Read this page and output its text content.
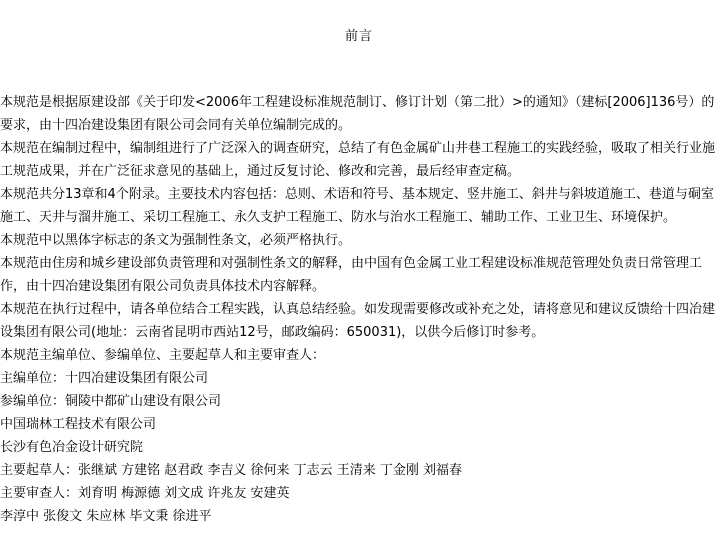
前言

本规范是根据原建设部《关于印发<2006年工程建设标准规范制订、修订计划（第二批）>的通知》（建标[2006]136号）的要求，由十四冶建设集团有限公司会同有关单位编制完成的。

本规范在编制过程中，编制组进行了广泛深入的调查研究，总结了有色金属矿山井巷工程施工的实践经验，吸取了相关行业施工规范成果，并在广泛征求意见的基础上，通过反复讨论、修改和完善，最后经审查定稿。

本规范共分13章和4个附录。主要技术内容包括：总则、术语和符号、基本规定、竖井施工、斜井与斜坡道施工、巷道与硐室施工、天井与溜井施工、采切工程施工、永久支护工程施工、防水与治水工程施工、辅助工作、工业卫生、环境保护。

本规范中以黑体字标志的条文为强制性条文，必须严格执行。

本规范由住房和城乡建设部负责管理和对强制性条文的解释，由中国有色金属工业工程建设标准规范管理处负责日常管理工作，由十四冶建设集团有限公司负责具体技术内容解释。

本规范在执行过程中，请各单位结合工程实践，认真总结经验。如发现需要修改或补充之处，请将意见和建议反馈给十四冶建设集团有限公司(地址：云南省昆明市西站12号，邮政编码：650031)，以供今后修订时参考。

本规范主编单位、参编单位、主要起草人和主要审查人：

主编单位：十四冶建设集团有限公司

参编单位：铜陵中都矿山建设有限公司

中国瑞林工程技术有限公司

长沙有色冶金设计研究院

主要起草人：张继斌 方建铭 赵君政 李吉义 徐何来 丁志云 王清来 丁金刚 刘福春

主要审查人：刘育明 梅源德 刘文成 许兆友 安建英

李淳中 张俊文 朱应林 毕文秉 徐进平
